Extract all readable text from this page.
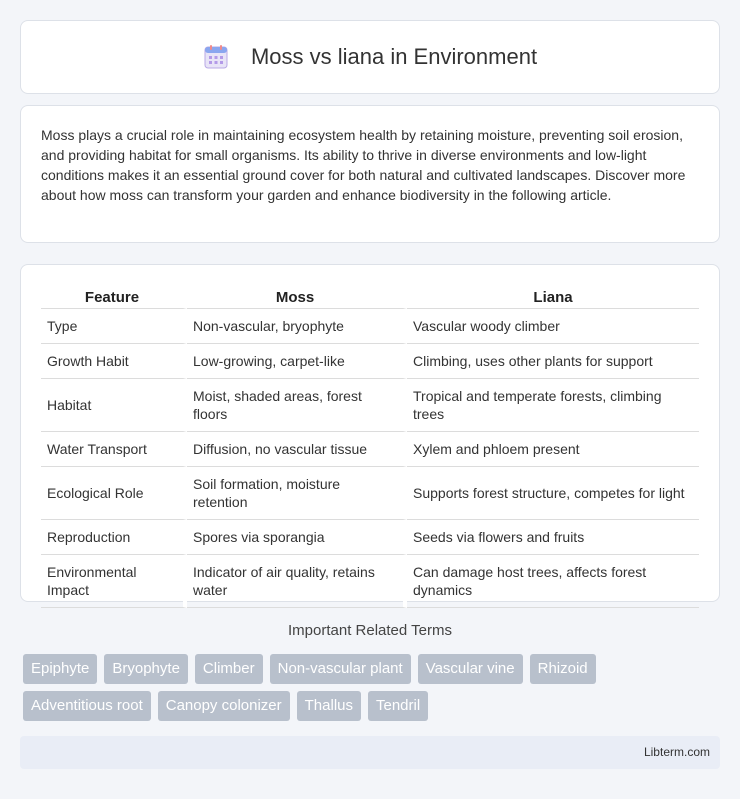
Moss vs liana in Environment

Moss plays a crucial role in maintaining ecosystem health by retaining moisture, preventing soil erosion, and providing habitat for small organisms. Its ability to thrive in diverse environments and low-light conditions makes it an essential ground cover for both natural and cultivated landscapes. Discover more about how moss can transform your garden and enhance biodiversity in the following article.

Feature	Moss	Liana
Type	Non-vascular, bryophyte	Vascular woody climber
Growth Habit	Low-growing, carpet-like	Climbing, uses other plants for support
Habitat	Moist, shaded areas, forest floors	Tropical and temperate forests, climbing trees
Water Transport	Diffusion, no vascular tissue	Xylem and phloem present
Ecological Role	Soil formation, moisture retention	Supports forest structure, competes for light
Reproduction	Spores via sporangia	Seeds via flowers and fruits
Environmental Impact	Indicator of air quality, retains water	Can damage host trees, affects forest dynamics
Important Related Terms
Epiphyte	Bryophyte	Climber	Non-vascular plant	Vascular vine	Rhizoid
Adventitious root	Canopy colonizer	Thallus	Tendril
Libterm.com
